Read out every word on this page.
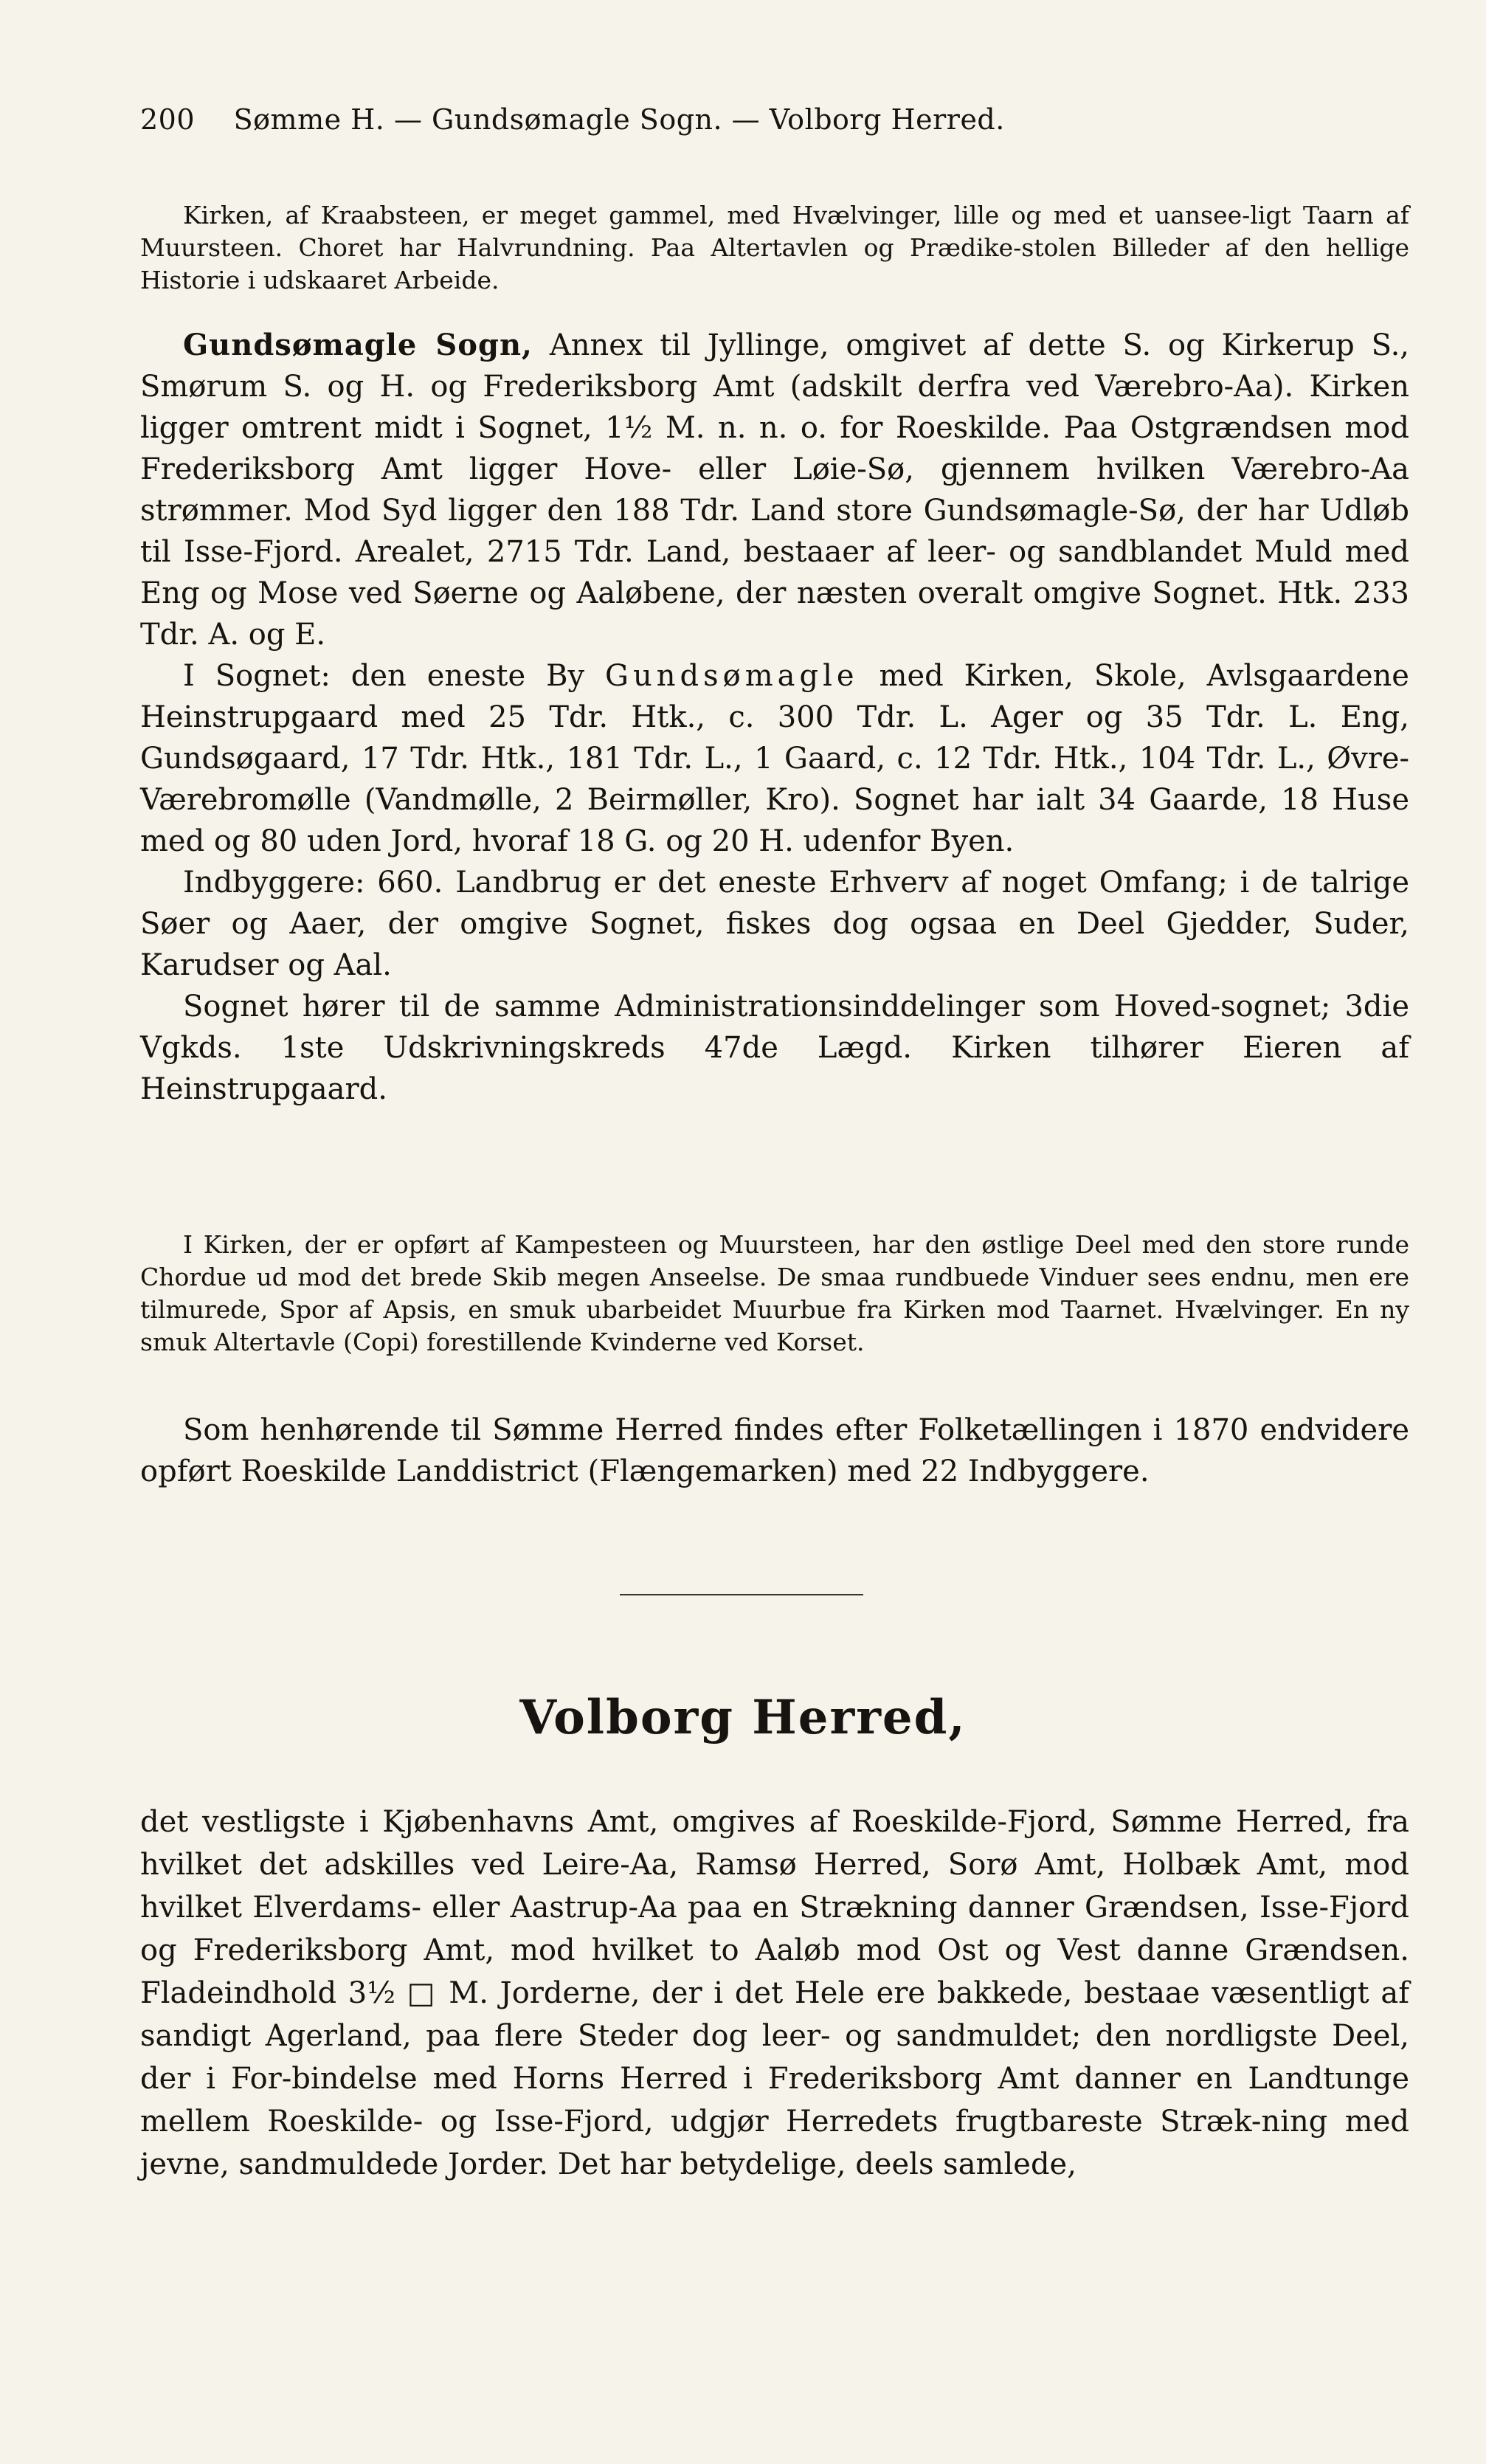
200 Sømme H. — Gundsømagle Sogn. — Volborg Herred.

Kirken, af Kraabsteen, er meget gammel, med Hvælvinger, lille og med et uansee-ligt Taarn af Muursteen. Choret har Halvrundning. Paa Altertavlen og Prædike-stolen Billeder af den hellige Historie i udskaaret Arbeide.

Gundsømagle Sogn, Annex til Jyllinge, omgivet af dette S. og Kirkerup S., Smørum S. og H. og Frederiksborg Amt (adskilt derfra ved Værebro-Aa). Kirken ligger omtrent midt i Sognet, 1½ M. n. n. o. for Roeskilde. Paa Ostgrændsen mod Frederiksborg Amt ligger Hove- eller Løie-Sø, gjennem hvilken Værebro-Aa strømmer. Mod Syd ligger den 188 Tdr. Land store Gundsømagle-Sø, der har Udløb til Isse-Fjord. Arealet, 2715 Tdr. Land, bestaaer af leer- og sandblandet Muld med Eng og Mose ved Søerne og Aaløbene, der næsten overalt omgive Sognet. Htk. 233 Tdr. A. og E.

I Sognet: den eneste By Gundsømagle med Kirken, Skole, Avlsgaardene Heinstrupgaard med 25 Tdr. Htk., c. 300 Tdr. L. Ager og 35 Tdr. L. Eng, Gundsøgaard, 17 Tdr. Htk., 181 Tdr. L., 1 Gaard, c. 12 Tdr. Htk., 104 Tdr. L., Øvre-Værebromølle (Vandmølle, 2 Beirmøller, Kro). Sognet har ialt 34 Gaarde, 18 Huse med og 80 uden Jord, hvoraf 18 G. og 20 H. udenfor Byen.

Indbyggere: 660. Landbrug er det eneste Erhverv af noget Omfang; i de talrige Søer og Aaer, der omgive Sognet, fiskes dog ogsaa en Deel Gjedder, Suder, Karudser og Aal.

Sognet hører til de samme Administrationsinddelinger som Hoved-sognet; 3die Vgkds. 1ste Udskrivningskreds 47de Lægd. Kirken tilhører Eieren af Heinstrupgaard.

I Kirken, der er opført af Kampesteen og Muursteen, har den østlige Deel med den store runde Chordue ud mod det brede Skib megen Anseelse. De smaa rundbuede Vinduer sees endnu, men ere tilmurede, Spor af Apsis, en smuk ubarbeidet Muurbue fra Kirken mod Taarnet. Hvælvinger. En ny smuk Altertavle (Copi) forestillende Kvinderne ved Korset.

Som henhørende til Sømme Herred findes efter Folketællingen i 1870 endvidere opført Roeskilde Landdistrict (Flængemarken) med 22 Indbyggere.

Volborg Herred,

det vestligste i Kjøbenhavns Amt, omgives af Roeskilde-Fjord, Sømme Herred, fra hvilket det adskilles ved Leire-Aa, Ramsø Herred, Sorø Amt, Holbæk Amt, mod hvilket Elverdams- eller Aastrup-Aa paa en Strækning danner Grændsen, Isse-Fjord og Frederiksborg Amt, mod hvilket to Aaløb mod Ost og Vest danne Grændsen. Fladeindhold 3½ □ M. Jorderne, der i det Hele ere bakkede, bestaae væsentligt af sandigt Agerland, paa flere Steder dog leer- og sandmuldet; den nordligste Deel, der i For-bindelse med Horns Herred i Frederiksborg Amt danner en Landtunge mellem Roeskilde- og Isse-Fjord, udgjør Herredets frugtbareste Stræk-ning med jevne, sandmuldede Jorder. Det har betydelige, deels samlede,
